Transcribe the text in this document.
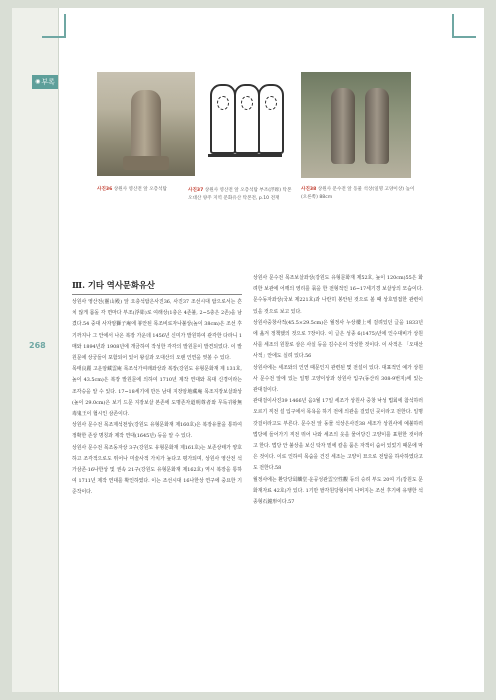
◉ 부록
268
사진36 상원사 영산전 앞 오층석탑	사진37 상원사 영산전 앞 오층석탑 부조(浮彫) 탁본 오대산 양주 지역 문화유산 탁본전, p.10 전재
사진38 상원사 문수전 앞 동물 석상(일명 고양이상) 높이(오른쪽) 88cm
Ⅲ. 기타 역사문화유산

상원사 영산전(靈山殿) 앞 오층석탑은사진36, 사진37 조선시대 탑으로서는 흔치 않게 몸돌 각 면마다 부조(浮彫)로 여래상(1층은 4존불, 2~5층은 2존)을 남겼다.54 중대 사자암獅子庵에 봉안된 목조비로자나불상(높이 38cm)은 조선 후기까지나 그 안에서 나온 복장 가운데 1456년 신미가 발원하여 관각한 다라니 1매와 1894년과 1908년에 개금하여 작성한 각각의 발원문이 발견되었다. 이 발원문에 상궁들이 포함되어 있어 왕실과 오대산의 오랜 인연을 엿볼 수 있다.

목태良麗 고운암藏雲庵 목조석가여래좌상과 복장(강원도 유형문화재 제 131호, 높이 43.5cm)은 복장 발원문에 의하여 1710년 제작 연대와 목대 신경이라는 조각승을 알 수 있다. 17~18세기에 만든 남대 지장암地藏庵 목조지장보살좌상(높이 29.0cm)은 보기 드문 지장보살 본존에 도명존자道明尊者와 무독귀왕無毒鬼王이 협시인 삼존이다.

상원사 문수전 목조제석천상(강원도 유형문화재 제160호)은 복장유물을 통하여 정확한 존상 명칭과 제작 연대(1645년) 등을 알 수 있다.

상원사 문수전 목조동자상 3구(강원도 유형문화재 제161호)는 보존상태가 양호하고 조각적으로도 뛰어나 미술사적 가치가 높다고 평가되며, 상원사 영산전 석가삼존·16나한상 및 권속 21구(강원도 유형문화재 제162호) 역시 복장을 통하여 1711년 제작 연대를 확인하였다. 이는 조선시대 16나한상 연구에 중요한 기준작이다.

상원사 문수전 목조보살좌상(강원도 유형문화재 제52호, 높이 120cm)55은 화려한 보관에 어깨의 영리를 묶을 한 전형적인 16~17세기경 보살상의 모습이다. 문수동자좌상(국보 제221호)과 나란히 봉안된 것으로 볼 때 상호밀접한 관련이 있을 것으로 보고 있다.

상원사중창사적(45.5×29.5cm)은 월정사 누상樓上에 걸려있던 글을 1833년에 옮겨 정책했의 것으로 7장이다. 이 글은 성종 6(1475)년에 인수대비가 상원사를 세조의 원찰로 삼은 사실 등을 김수온이 작성한 것이다. 이 사적은 「오대산사적」안에도 실려 있다.56

상원사에는 세조와의 인연 때문인지 관련된 몇 전설이 있다. 대표적인 예가 상원사 문수전 앞에 있는 일명 고양이상과 상원사 입구(동산리 308-9번지)에 있는 관대걸이다.

관대걸이사진39 1466년 음3월 17일 세조가 상원사 중창 낙성 법회에 참석하러 오르기 직전 설 입구에서 목욕을 하기 전에 의관을 걸었던 곳이라고 전한다. 일명 갓걸이라고도 부른다. 문수전 앞 동물 석상은사진38 세조가 상원사에 예불하러 법당에 들어가기 직전 뛰어 나와 세조의 옷을 물어당긴 고양이를 표현한 것이라고 한다. 법당 안 불상을 보신 탁자 밑에 칼을 품은 자객이 숨어 있었기 때문에 막은 것이다. 이로 인하여 목숨을 건진 세조는 고양이 묘으로 전답을 하사하였다고도 전한다.58

월정사에는 환당당회麟堂·운공성관雲空性觀 등의 승려 부도 20여 기(강원도 문화재자료 42호)가 있다. 1기만 팔각원당형이며 나머지는 조선 후기에 유행한 석종형石鐘形이다.57
